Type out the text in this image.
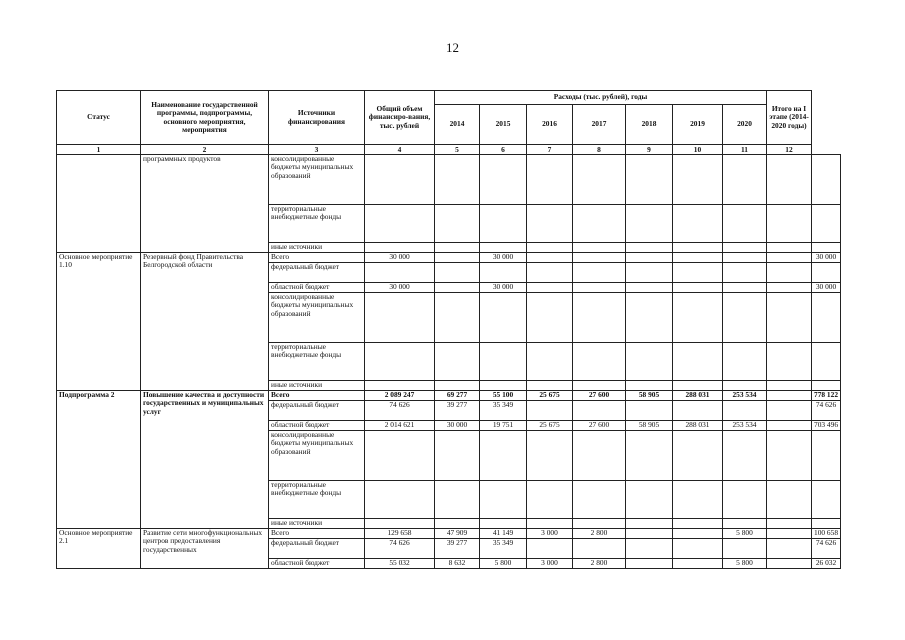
12
Статус	Наименование государственной программы, подпрограммы, основного мероприятия, мероприятия	Источники финансирования	Общий объем финансиро-вания, тыс. рублей	Расходы (тыс. рублей), годы							Итого на I этапе (2014-2020 годы)	
				2014	2015	2016	2017	2018	2019	2020		
1	2	3	4	5	6	7	8	9	10	11	12	
	программных продуктов	консолидированные бюджеты муниципальных образований										
		территориальные внебюджетные фонды										
		иные источники										
Основное мероприятие 1.10	Резервный фонд Правительства Белгородской области	Всего	30 000		30 000							30 000
		федеральный бюджет										
		областной бюджет	30 000		30 000							30 000
		консолидированные бюджеты муниципальных образований										
		территориальные внебюджетные фонды										
		иные источники										
Подпрограмма 2	Повышение качества и доступности государственных и муниципальных услуг	Всего	2 089 247	69 277	55 100	25 675	27 600	58 905	288 031	253 534		778 122
		федеральный бюджет	74 626	39 277	35 349							74 626
		областной бюджет	2 014 621	30 000	19 751	25 675	27 600	58 905	288 031	253 534		703 496
		консолидированные бюджеты муниципальных образований										
		территориальные внебюджетные фонды										
		иные источники										
Основное мероприятие 2.1	Развитие сети многофункциональных центров предоставления государственных	Всего	129 658	47 909	41 149	3 000	2 800			5 800		100 658
		федеральный бюджет	74 626	39 277	35 349							74 626
		областной бюджет	55 032	8 632	5 800	3 000	2 800			5 800		26 032
